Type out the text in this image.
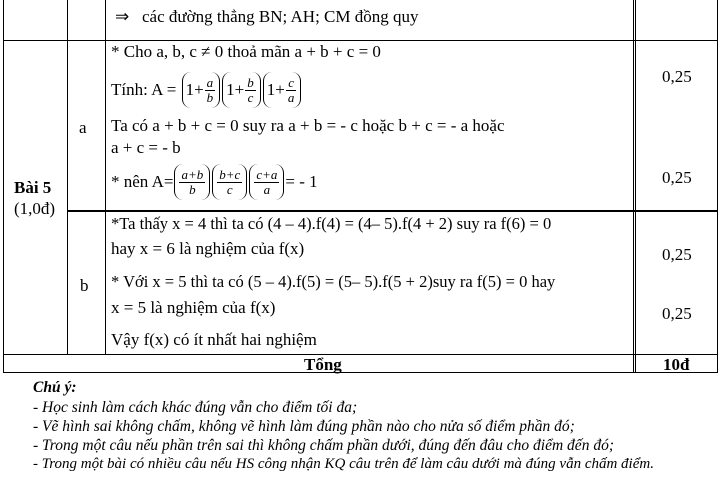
⇒ các đường thẳng BN; AH; CM đồng quy
Bài 5
(1,0đ)
a
* Cho a, b, c ≠ 0 thoả mãn a + b + c = 0
Tính: A =
$1+ \frac{a}{b} 1+ \frac{b}{c} 1+ \frac{c}{a}$
Ta có a + b + c = 0 suy ra a + b = - c hoặc b + c = - a hoặc
a + c = - b
* nên $A= \frac{a+b}{b} \frac{b+c}{c} \frac{c+a}{a}$ = - 1
0,25
0,25
b
*Ta thấy x = 4 thì ta có (4 – 4).f(4) = (4– 5).f(4 + 2) suy ra f(6) = 0
hay x = 6 là nghiệm của f(x)
* Với x = 5 thì ta có (5 – 4).f(5) = (5– 5).f(5 + 2)suy ra f(5) = 0 hay
x = 5 là nghiệm của f(x)
Vậy f(x) có ít nhất hai nghiệm
0,25
0,25
Tổng	10đ
Chú ý:
- Học sinh làm cách khác đúng vẫn cho điểm tối đa;
- Vẽ hình sai không chấm, không vẽ hình làm đúng phần nào cho nửa số điểm phần đó;
- Trong một câu nếu phần trên sai thì không chấm phần dưới, đúng đến đâu cho điểm đến đó;
- Trong một bài có nhiều câu nếu HS công nhận KQ câu trên để làm câu dưới mà đúng vẫn chấm điểm.
